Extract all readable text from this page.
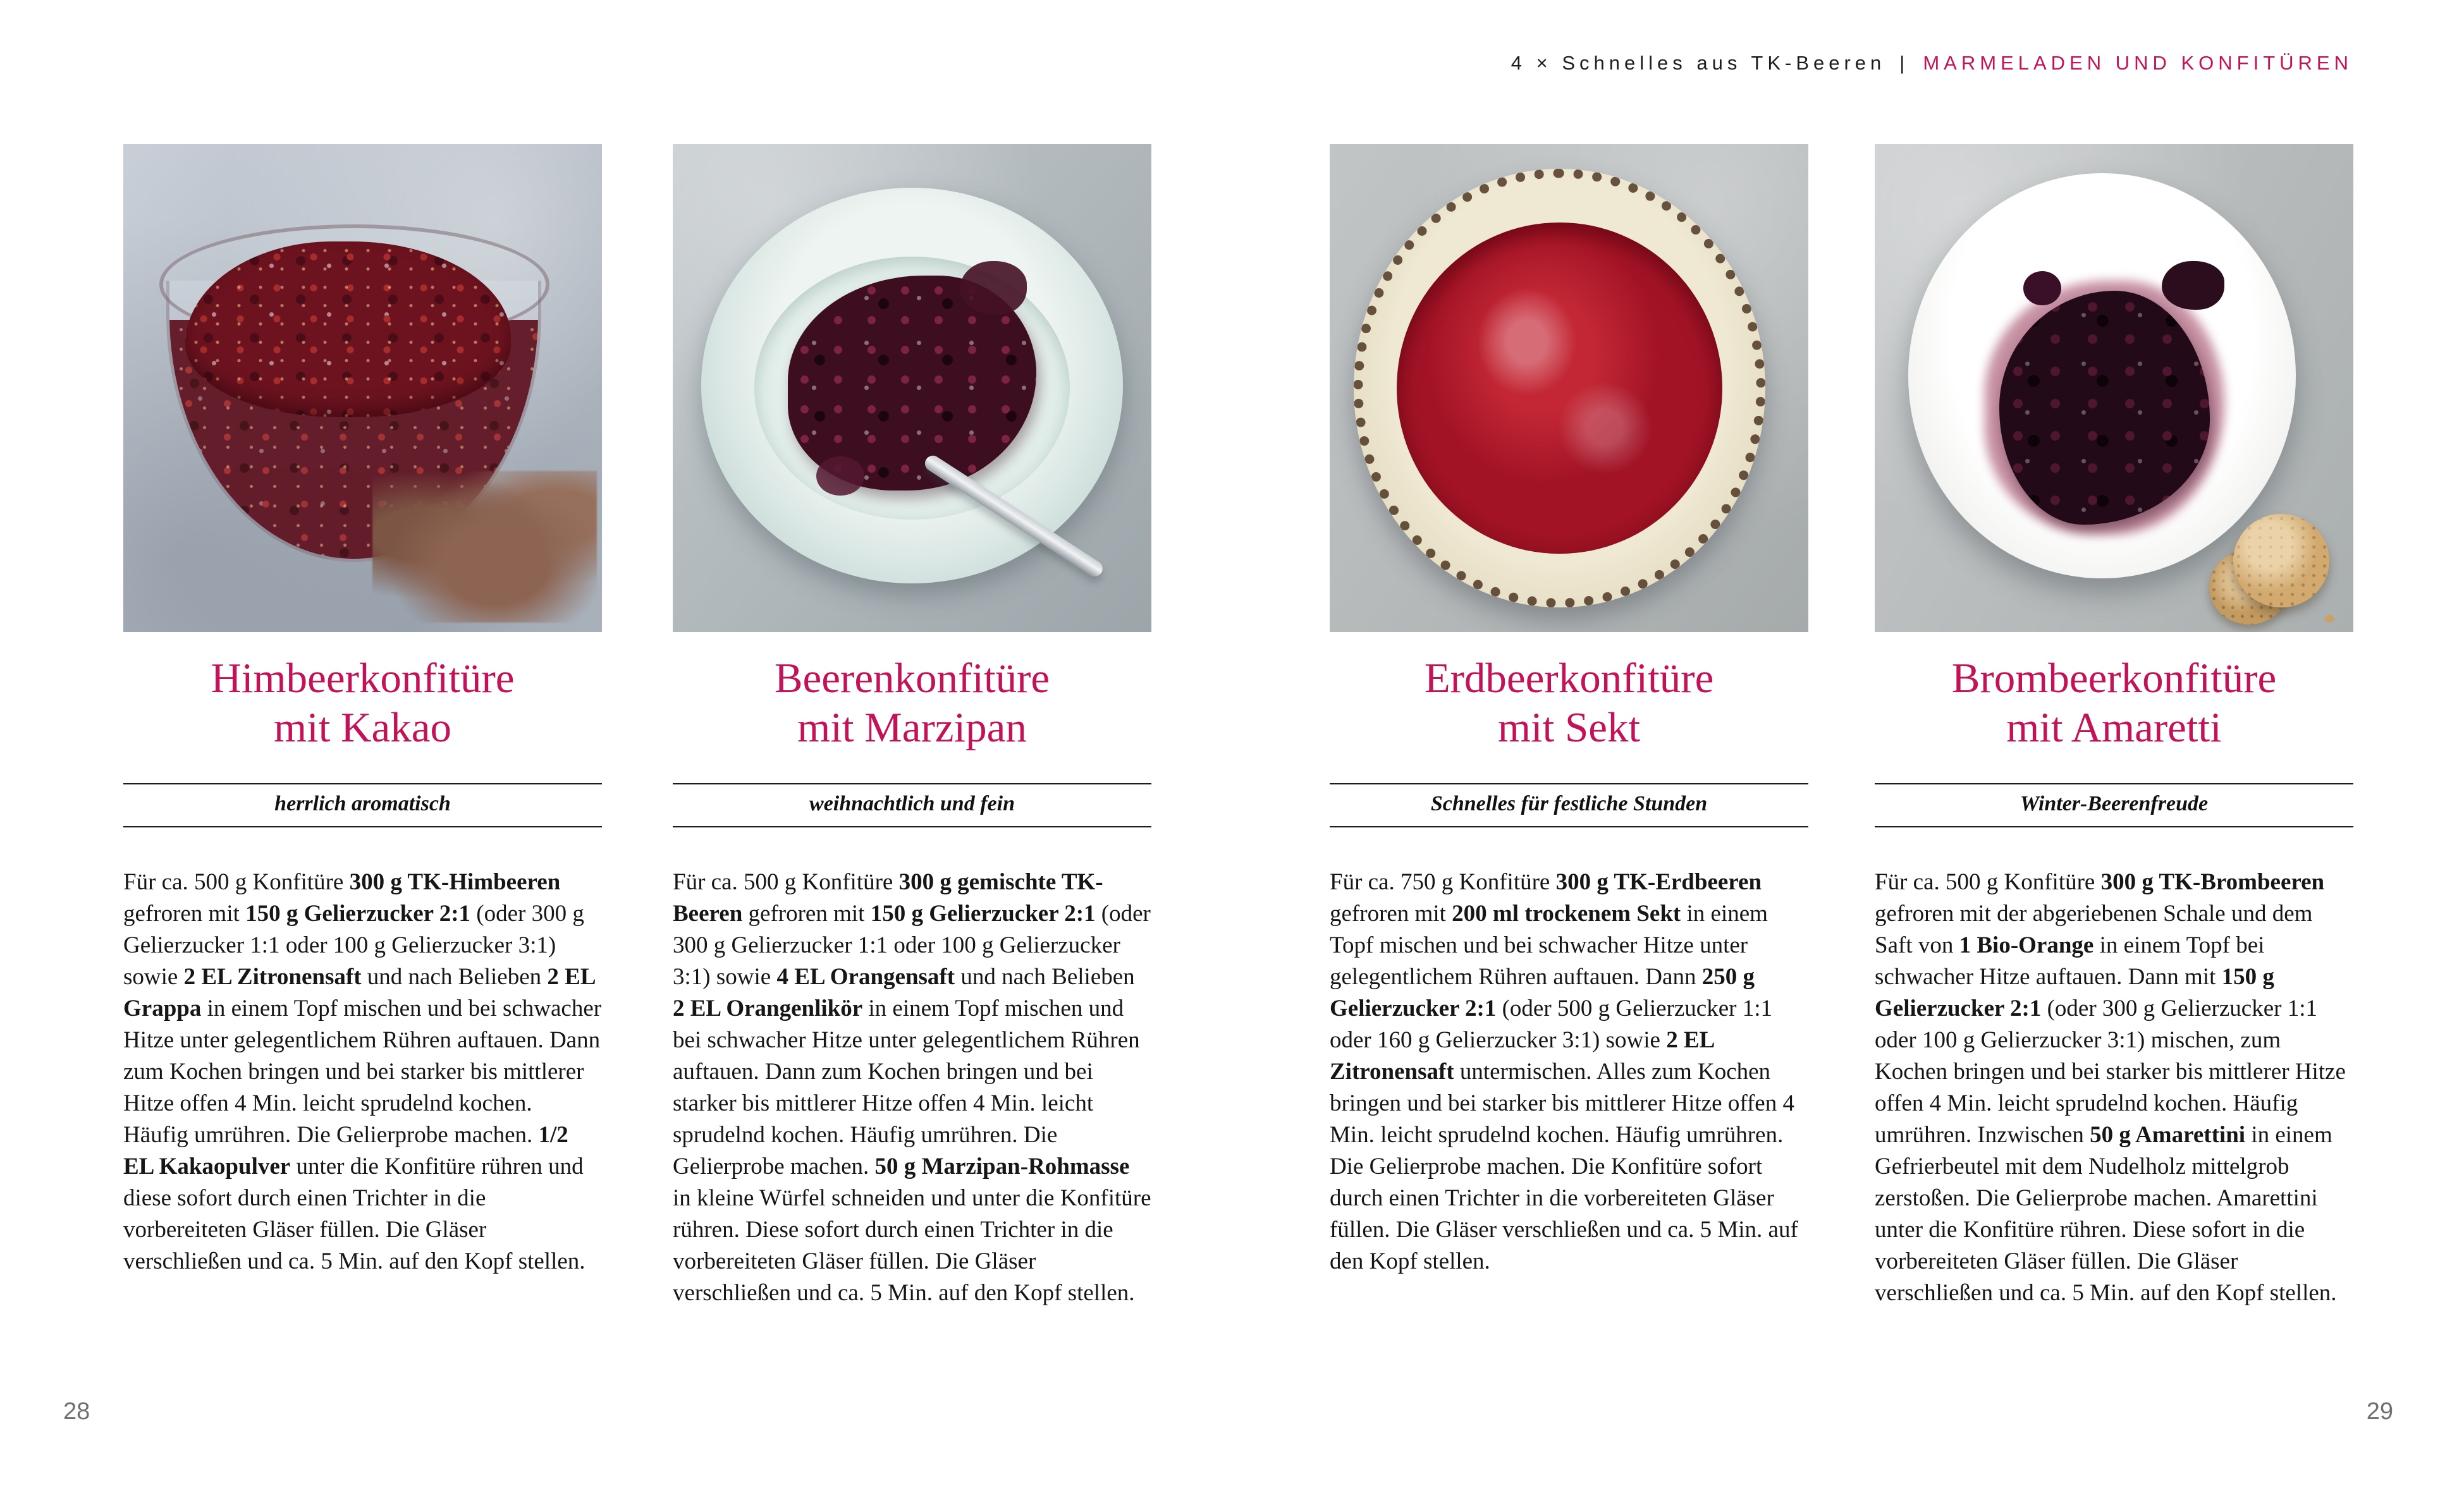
4 × Schnelles aus TK-Beeren | MARMELADEN UND KONFITÜREN
Himbeerkonfitüre
mit Kakao
herrlich aromatisch

Für ca. 500 g Konfitüre 300 g TK-Himbeeren gefroren mit 150 g Gelierzucker 2:1 (oder 300 g Gelierzucker 1:1 oder 100 g Gelierzucker 3:1) sowie 2 EL Zitronensaft und nach Belieben 2 EL Grappa in einem Topf mischen und bei schwacher Hitze unter gelegentlichem Rühren auftauen. Dann zum Kochen bringen und bei starker bis mittlerer Hitze offen 4 Min. leicht sprudelnd kochen. Häufig umrühren. Die Gelierprobe machen. 1/2 EL Kakaopulver unter die Konfitüre rühren und diese sofort durch einen Trichter in die vorbereiteten Gläser füllen. Die Gläser verschließen und ca. 5 Min. auf den Kopf stellen.

Beerenkonfitüre
mit Marzipan
weihnachtlich und fein

Für ca. 500 g Konfitüre 300 g gemischte TK-Beeren gefroren mit 150 g Gelierzucker 2:1 (oder 300 g Gelierzucker 1:1 oder 100 g Gelierzucker 3:1) sowie 4 EL Orangensaft und nach Belieben 2 EL Orangenlikör in einem Topf mischen und bei schwacher Hitze unter gelegentlichem Rühren auftauen. Dann zum Kochen bringen und bei starker bis mittlerer Hitze offen 4 Min. leicht sprudelnd kochen. Häufig umrühren. Die Gelierprobe machen. 50 g Marzipan-Rohmasse in kleine Würfel schneiden und unter die Konfitüre rühren. Diese sofort durch einen Trichter in die vorbereiteten Gläser füllen. Die Gläser verschließen und ca. 5 Min. auf den Kopf stellen.

Erdbeerkonfitüre
mit Sekt
Schnelles für festliche Stunden

Für ca. 750 g Konfitüre 300 g TK-Erdbeeren gefroren mit 200 ml trockenem Sekt in einem Topf mischen und bei schwacher Hitze unter gelegentlichem Rühren auftauen. Dann 250 g Gelierzucker 2:1 (oder 500 g Gelierzucker 1:1 oder 160 g Gelierzucker 3:1) sowie 2 EL Zitronensaft untermischen. Alles zum Kochen bringen und bei starker bis mittlerer Hitze offen 4 Min. leicht sprudelnd kochen. Häufig umrühren. Die Gelierprobe machen. Die Konfitüre sofort durch einen Trichter in die vorbereiteten Gläser füllen. Die Gläser verschließen und ca. 5 Min. auf den Kopf stellen.

Brombeerkonfitüre
mit Amaretti
Winter-Beerenfreude

Für ca. 500 g Konfitüre 300 g TK-Brombeeren gefroren mit der abgeriebenen Schale und dem Saft von 1 Bio-Orange in einem Topf bei schwacher Hitze auftauen. Dann mit 150 g Gelierzucker 2:1 (oder 300 g Gelierzucker 1:1 oder 100 g Gelierzucker 3:1) mischen, zum Kochen bringen und bei starker bis mittlerer Hitze offen 4 Min. leicht sprudelnd kochen. Häufig umrühren. Inzwischen 50 g Amarettini in einem Gefrierbeutel mit dem Nudelholz mittelgrob zerstoßen. Die Gelierprobe machen. Amarettini unter die Konfitüre rühren. Diese sofort in die vorbereiteten Gläser füllen. Die Gläser verschließen und ca. 5 Min. auf den Kopf stellen.

28	29
